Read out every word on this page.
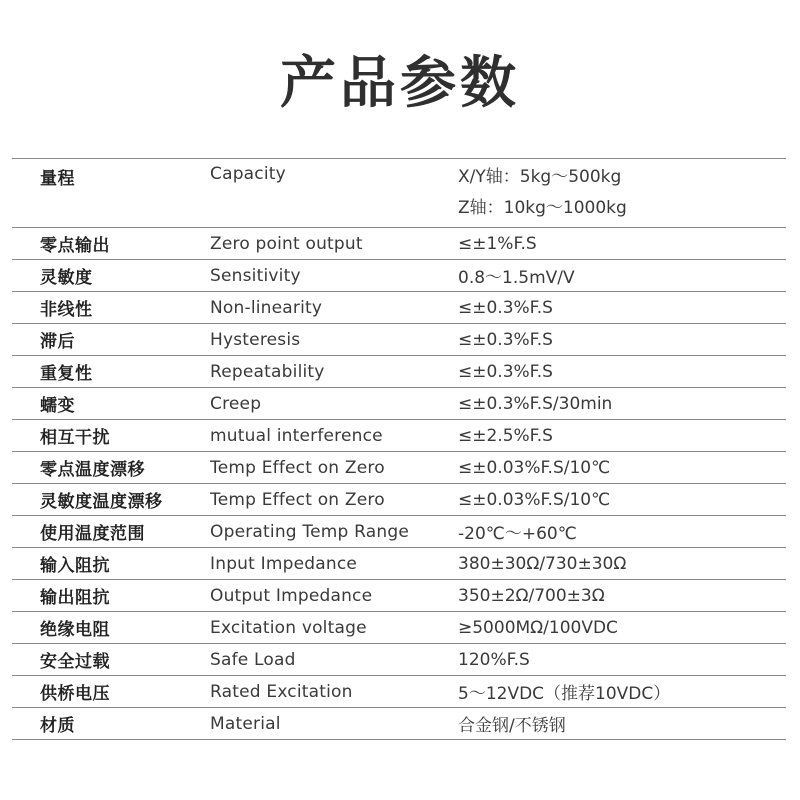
产品参数
量程	Capacity	X/Y轴：5kg～500kg
Z轴：10kg～1000kg

零点输出	Zero point output	≤±1%F.S
灵敏度	Sensitivity	0.8～1.5mV/V
非线性	Non-linearity	≤±0.3%F.S
滞后	Hysteresis	≤±0.3%F.S
重复性	Repeatability	≤±0.3%F.S
蠕变	Creep	≤±0.3%F.S/30min
相互干扰	mutual interference	≤±2.5%F.S
零点温度漂移	Temp Effect on Zero	≤±0.03%F.S/10℃
灵敏度温度漂移	Temp Effect on Zero	≤±0.03%F.S/10℃
使用温度范围	Operating Temp Range	-20℃～+60℃
输入阻抗	Input Impedance	380±30Ω/730±30Ω
输出阻抗	Output Impedance	350±2Ω/700±3Ω
绝缘电阻	Excitation voltage	≥5000MΩ/100VDC
安全过载	Safe Load	120%F.S
供桥电压	Rated Excitation	5～12VDC（推荐10VDC）
材质	Material	合金钢/不锈钢
